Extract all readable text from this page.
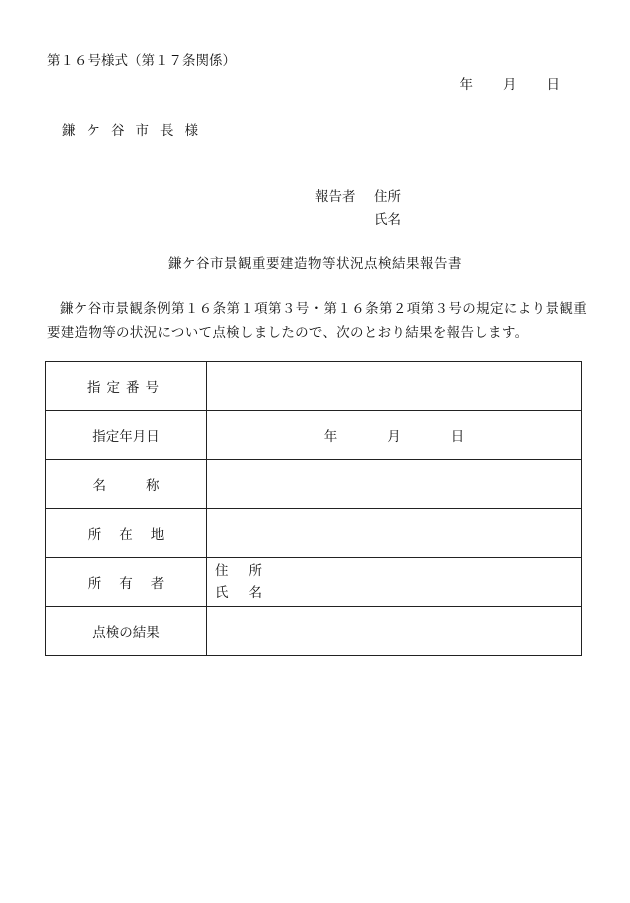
第１６号様式（第１７条関係）
年 月 日
鎌ケ谷市長様
報告者 住所
氏名
鎌ケ谷市景観重要建造物等状況点検結果報告書
鎌ケ谷市景観条例第１６条第１項第３号・第１６条第２項第３号の規定により景観重要建造物等の状況について点検しましたので、次のとおり結果を報告します。
指定番号	
指定年月日	年 月 日
名称	
所在地	
所有者	住 所
氏 名

点検の結果	
